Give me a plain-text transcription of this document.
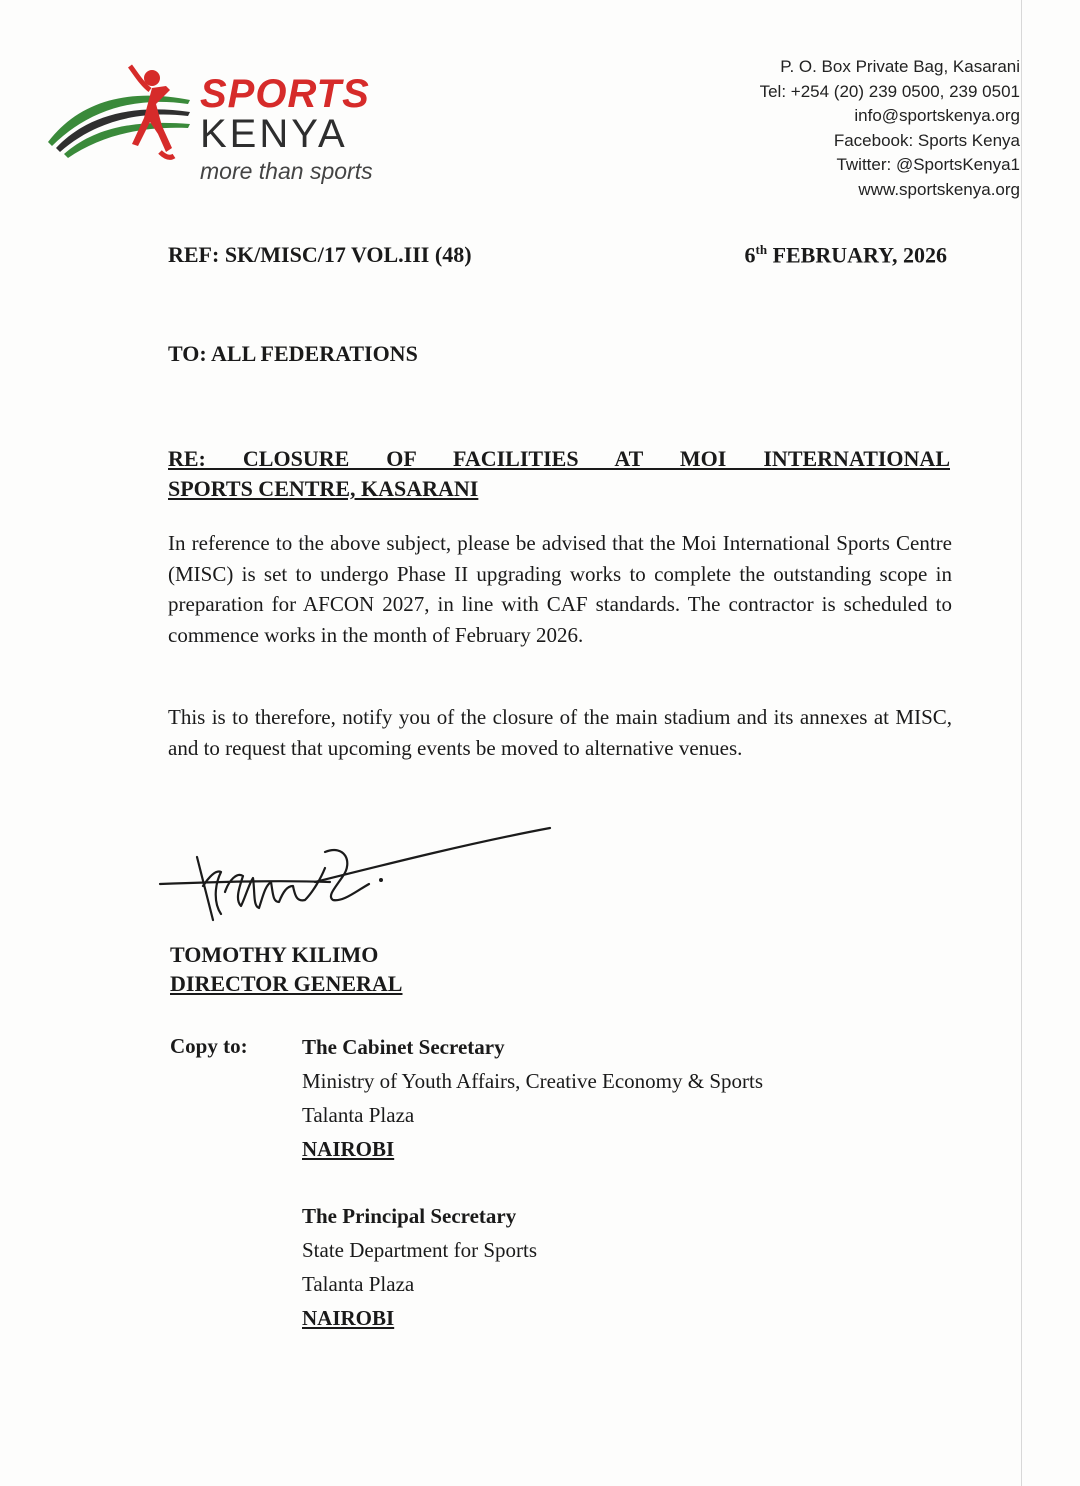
SPORTS
KENYA
more than sports
P. O. Box Private Bag, Kasarani
Tel: +254 (20) 239 0500, 239 0501
info@sportskenya.org
Facebook: Sports Kenya
Twitter: @SportsKenya1
www.sportskenya.org
REF: SK/MISC/17 VOL.III (48)	6th FEBRUARY, 2026
TO: ALL FEDERATIONS
RE: CLOSURE OF FACILITIES AT MOI INTERNATIONAL
SPORTS CENTRE, KASARANI
In reference to the above subject, please be advised that the Moi International Sports Centre (MISC) is set to undergo Phase II upgrading works to complete the outstanding scope in preparation for AFCON 2027, in line with CAF standards. The contractor is scheduled to commence works in the month of February 2026.
This is to therefore, notify you of the closure of the main stadium and its annexes at MISC, and to request that upcoming events be moved to alternative venues.
TOMOTHY KILIMO
DIRECTOR GENERAL
Copy to:	The Cabinet Secretary
Ministry of Youth Affairs, Creative Economy & Sports
Talanta Plaza
NAIROBI
The Principal Secretary
State Department for Sports
Talanta Plaza
NAIROBI
